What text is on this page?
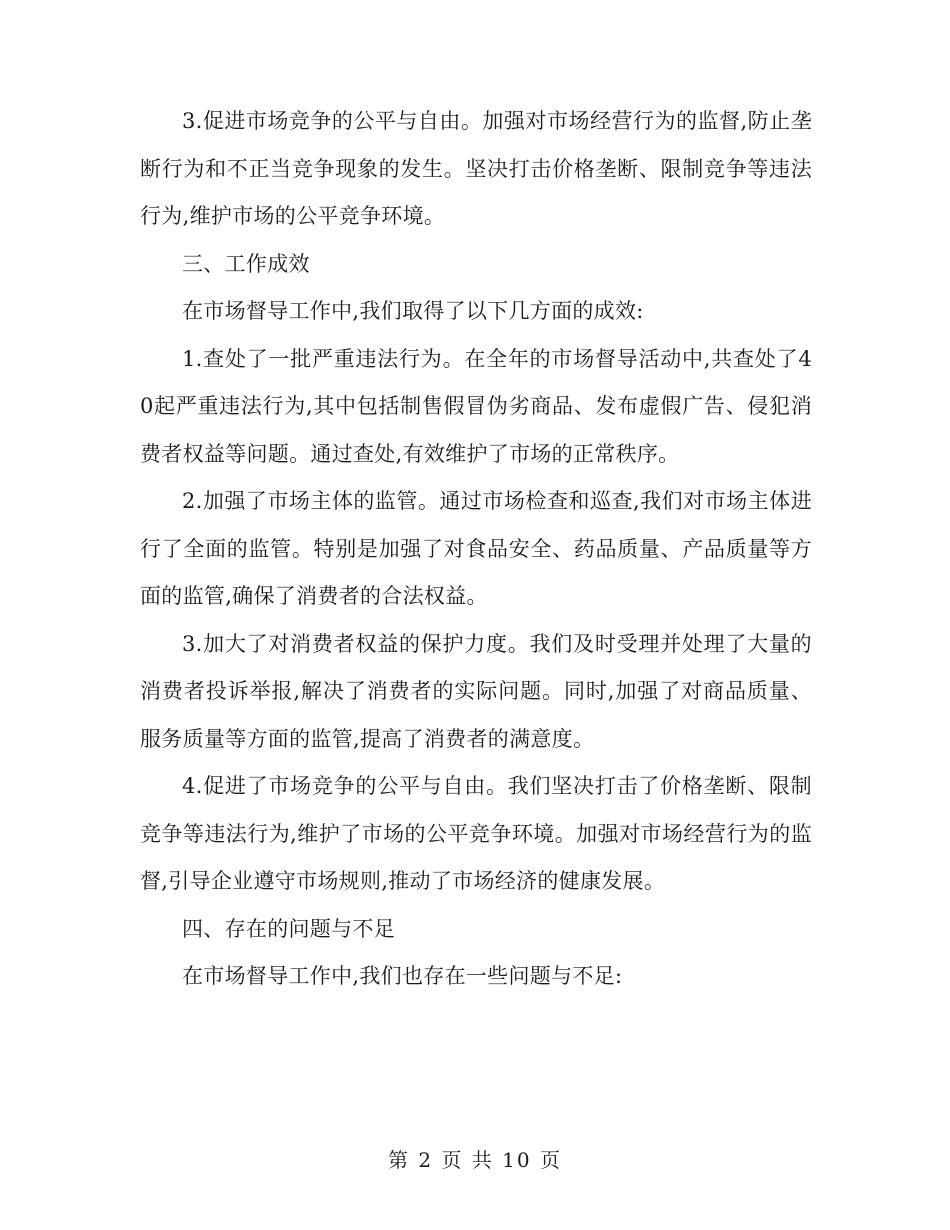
3.促进市场竞争的公平与自由。加强对市场经营行为的监督,防止垄断行为和不正当竞争现象的发生。坚决打击价格垄断、限制竞争等违法行为,维护市场的公平竞争环境。

三、工作成效

在市场督导工作中,我们取得了以下几方面的成效:

1.查处了一批严重违法行为。在全年的市场督导活动中,共查处了40起严重违法行为,其中包括制售假冒伪劣商品、发布虚假广告、侵犯消费者权益等问题。通过查处,有效维护了市场的正常秩序。

2.加强了市场主体的监管。通过市场检查和巡查,我们对市场主体进行了全面的监管。特别是加强了对食品安全、药品质量、产品质量等方面的监管,确保了消费者的合法权益。

3.加大了对消费者权益的保护力度。我们及时受理并处理了大量的消费者投诉举报,解决了消费者的实际问题。同时,加强了对商品质量、服务质量等方面的监管,提高了消费者的满意度。

4.促进了市场竞争的公平与自由。我们坚决打击了价格垄断、限制竞争等违法行为,维护了市场的公平竞争环境。加强对市场经营行为的监督,引导企业遵守市场规则,推动了市场经济的健康发展。

四、存在的问题与不足

在市场督导工作中,我们也存在一些问题与不足:

第 2 页 共 10 页
